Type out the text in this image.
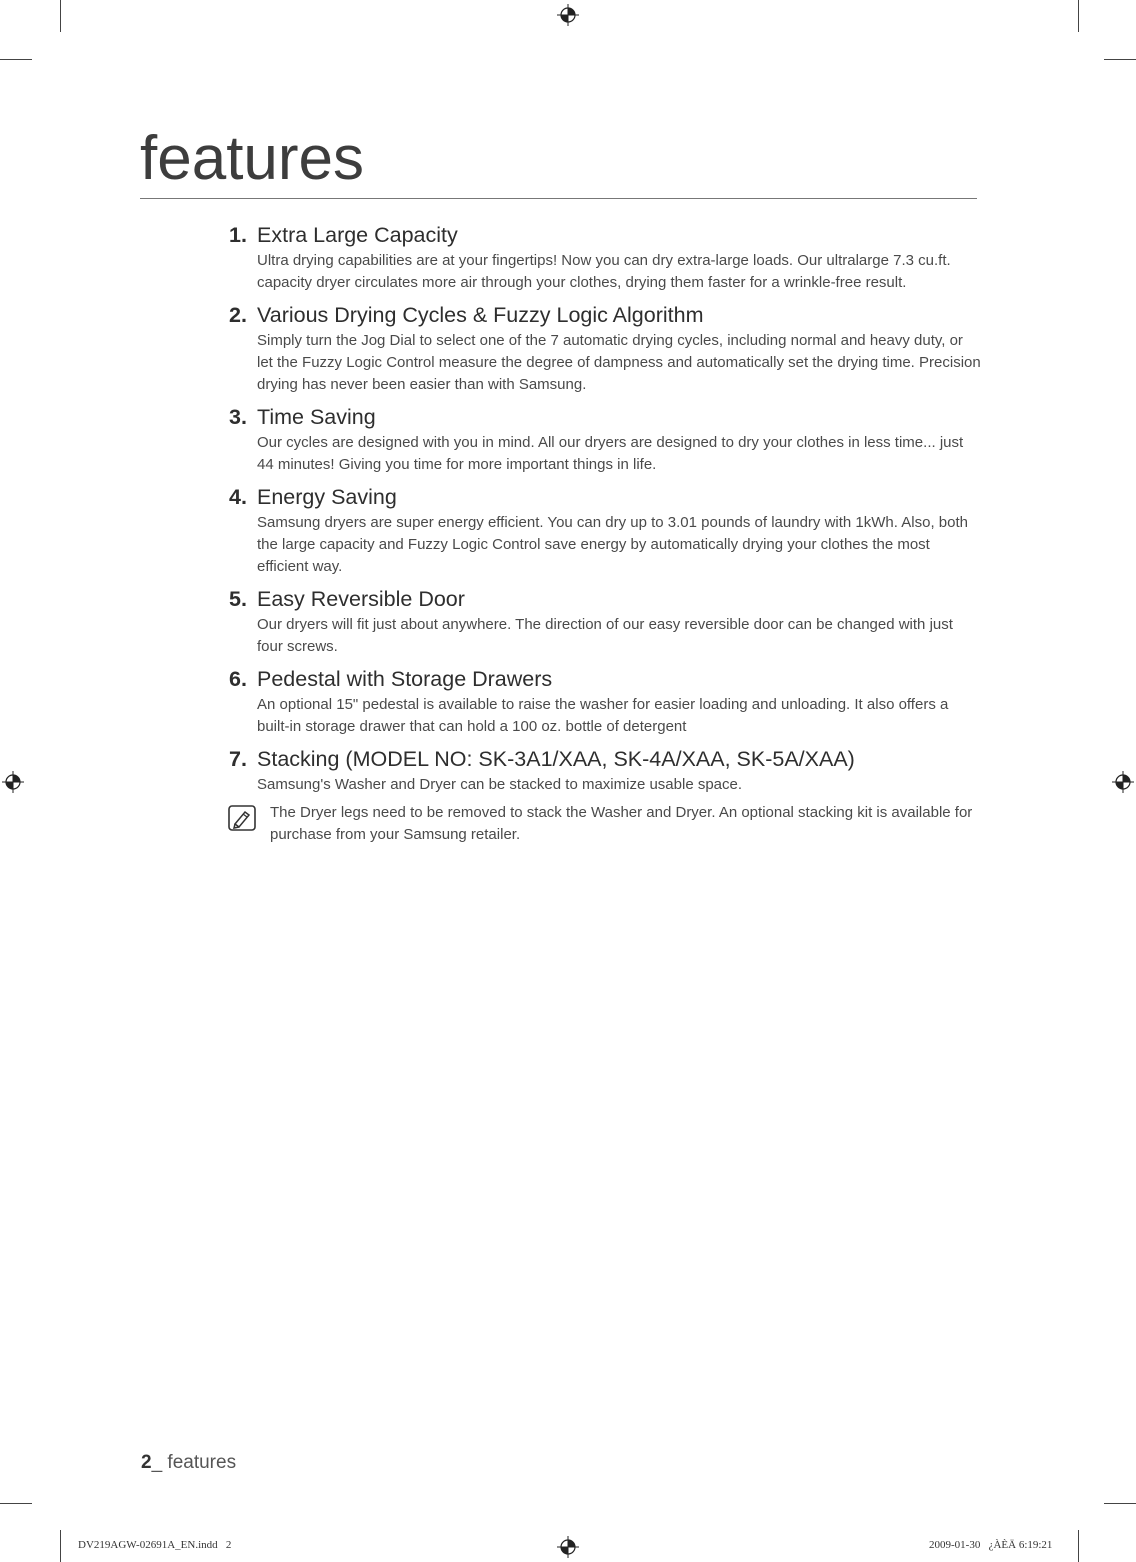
features
1. Extra Large Capacity
Ultra drying capabilities are at your fingertips! Now you can dry extra-large loads. Our ultralarge 7.3 cu.ft. capacity dryer circulates more air through your clothes, drying them faster for a wrinkle-free result.
2. Various Drying Cycles & Fuzzy Logic Algorithm
Simply turn the Jog Dial to select one of the 7 automatic drying cycles, including normal and heavy duty, or let the Fuzzy Logic Control measure the degree of dampness and automatically set the drying time. Precision drying has never been easier than with Samsung.
3. Time Saving
Our cycles are designed with you in mind. All our dryers are designed to dry your clothes in less time... just 44 minutes! Giving you time for more important things in life.
4. Energy Saving
Samsung dryers are super energy efficient. You can dry up to 3.01 pounds of laundry with 1kWh. Also, both the large capacity and Fuzzy Logic Control save energy by automatically drying your clothes the most efficient way.
5. Easy Reversible Door
Our dryers will fit just about anywhere. The direction of our easy reversible door can be changed with just four screws.
6. Pedestal with Storage Drawers
An optional 15" pedestal is available to raise the washer for easier loading and unloading. It also offers a built-in storage drawer that can hold a 100 oz. bottle of detergent
7. Stacking (MODEL NO: SK-3A1/XAA, SK-4A/XAA, SK-5A/XAA)
Samsung's Washer and Dryer can be stacked to maximize usable space.
The Dryer legs need to be removed to stack the Washer and Dryer. An optional stacking kit is available for purchase from your Samsung retailer.
2_ features
DV219AGW-02691A_EN.indd   2	2009-01-30   ¿ÀÈÄ 6:19:21
